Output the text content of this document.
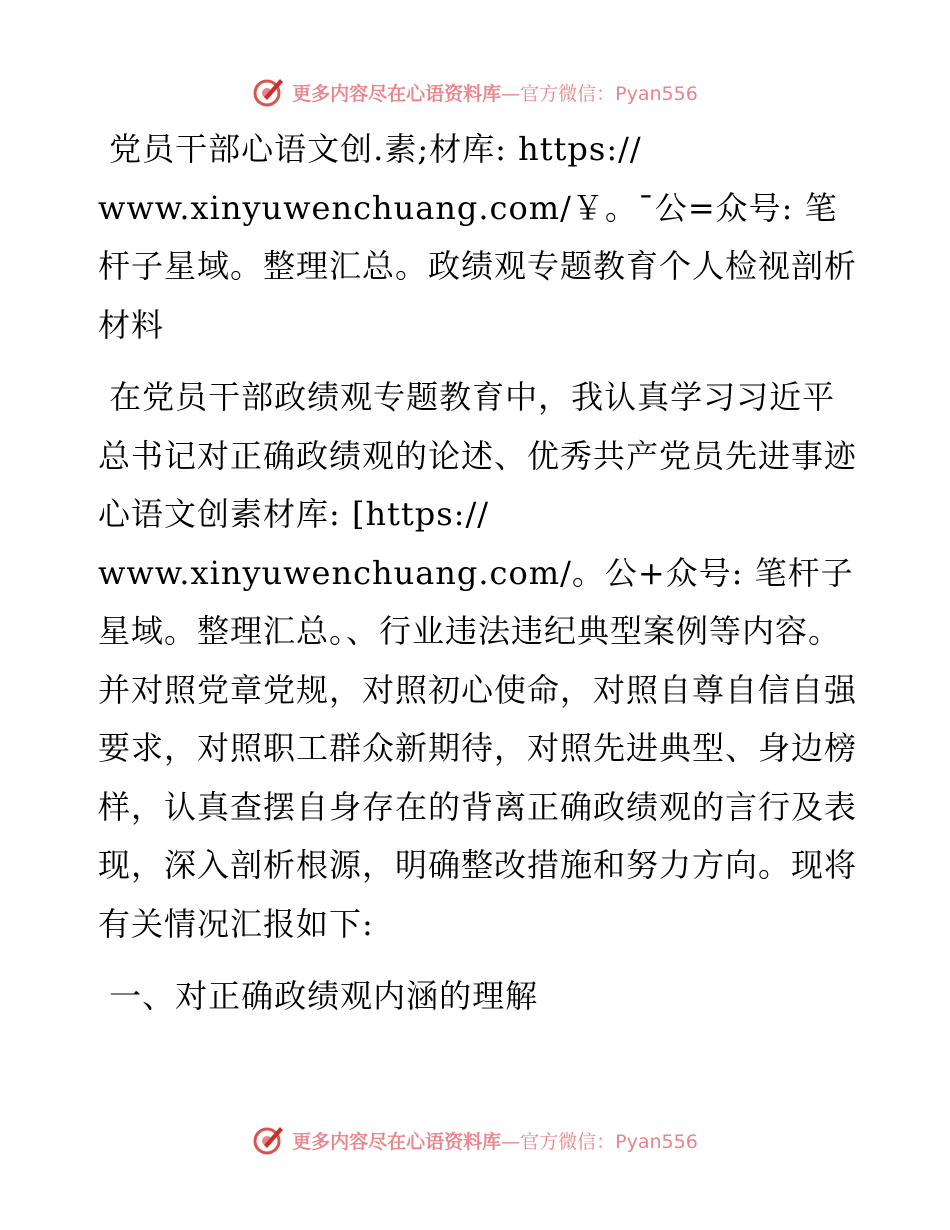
更多内容尽在心语资料库 —官方微信：Pyan556

党员干部心语文创.素;材库: https://
www.xinyuwenchuang.com/￥。¯公=众号: 笔杆子星域。整理汇总。政绩观专题教育个人检视剖析材料

在党员干部政绩观专题教育中，我认真学习习近平总书记对正确政绩观的论述、优秀共产党员先进事迹心语文创素材库: [https://
www.xinyuwenchuang.com/。公+众号: 笔杆子星域。整理汇总。、行业违法违纪典型案例等内容。并对照党章党规，对照初心使命，对照自尊自信自强要求，对照职工群众新期待，对照先进典型、身边榜样，认真查摆自身存在的背离正确政绩观的言行及表现，深入剖析根源，明确整改措施和努力方向。现将有关情况汇报如下:

一、对正确政绩观内涵的理解

更多内容尽在心语资料库 —官方微信：Pyan556
